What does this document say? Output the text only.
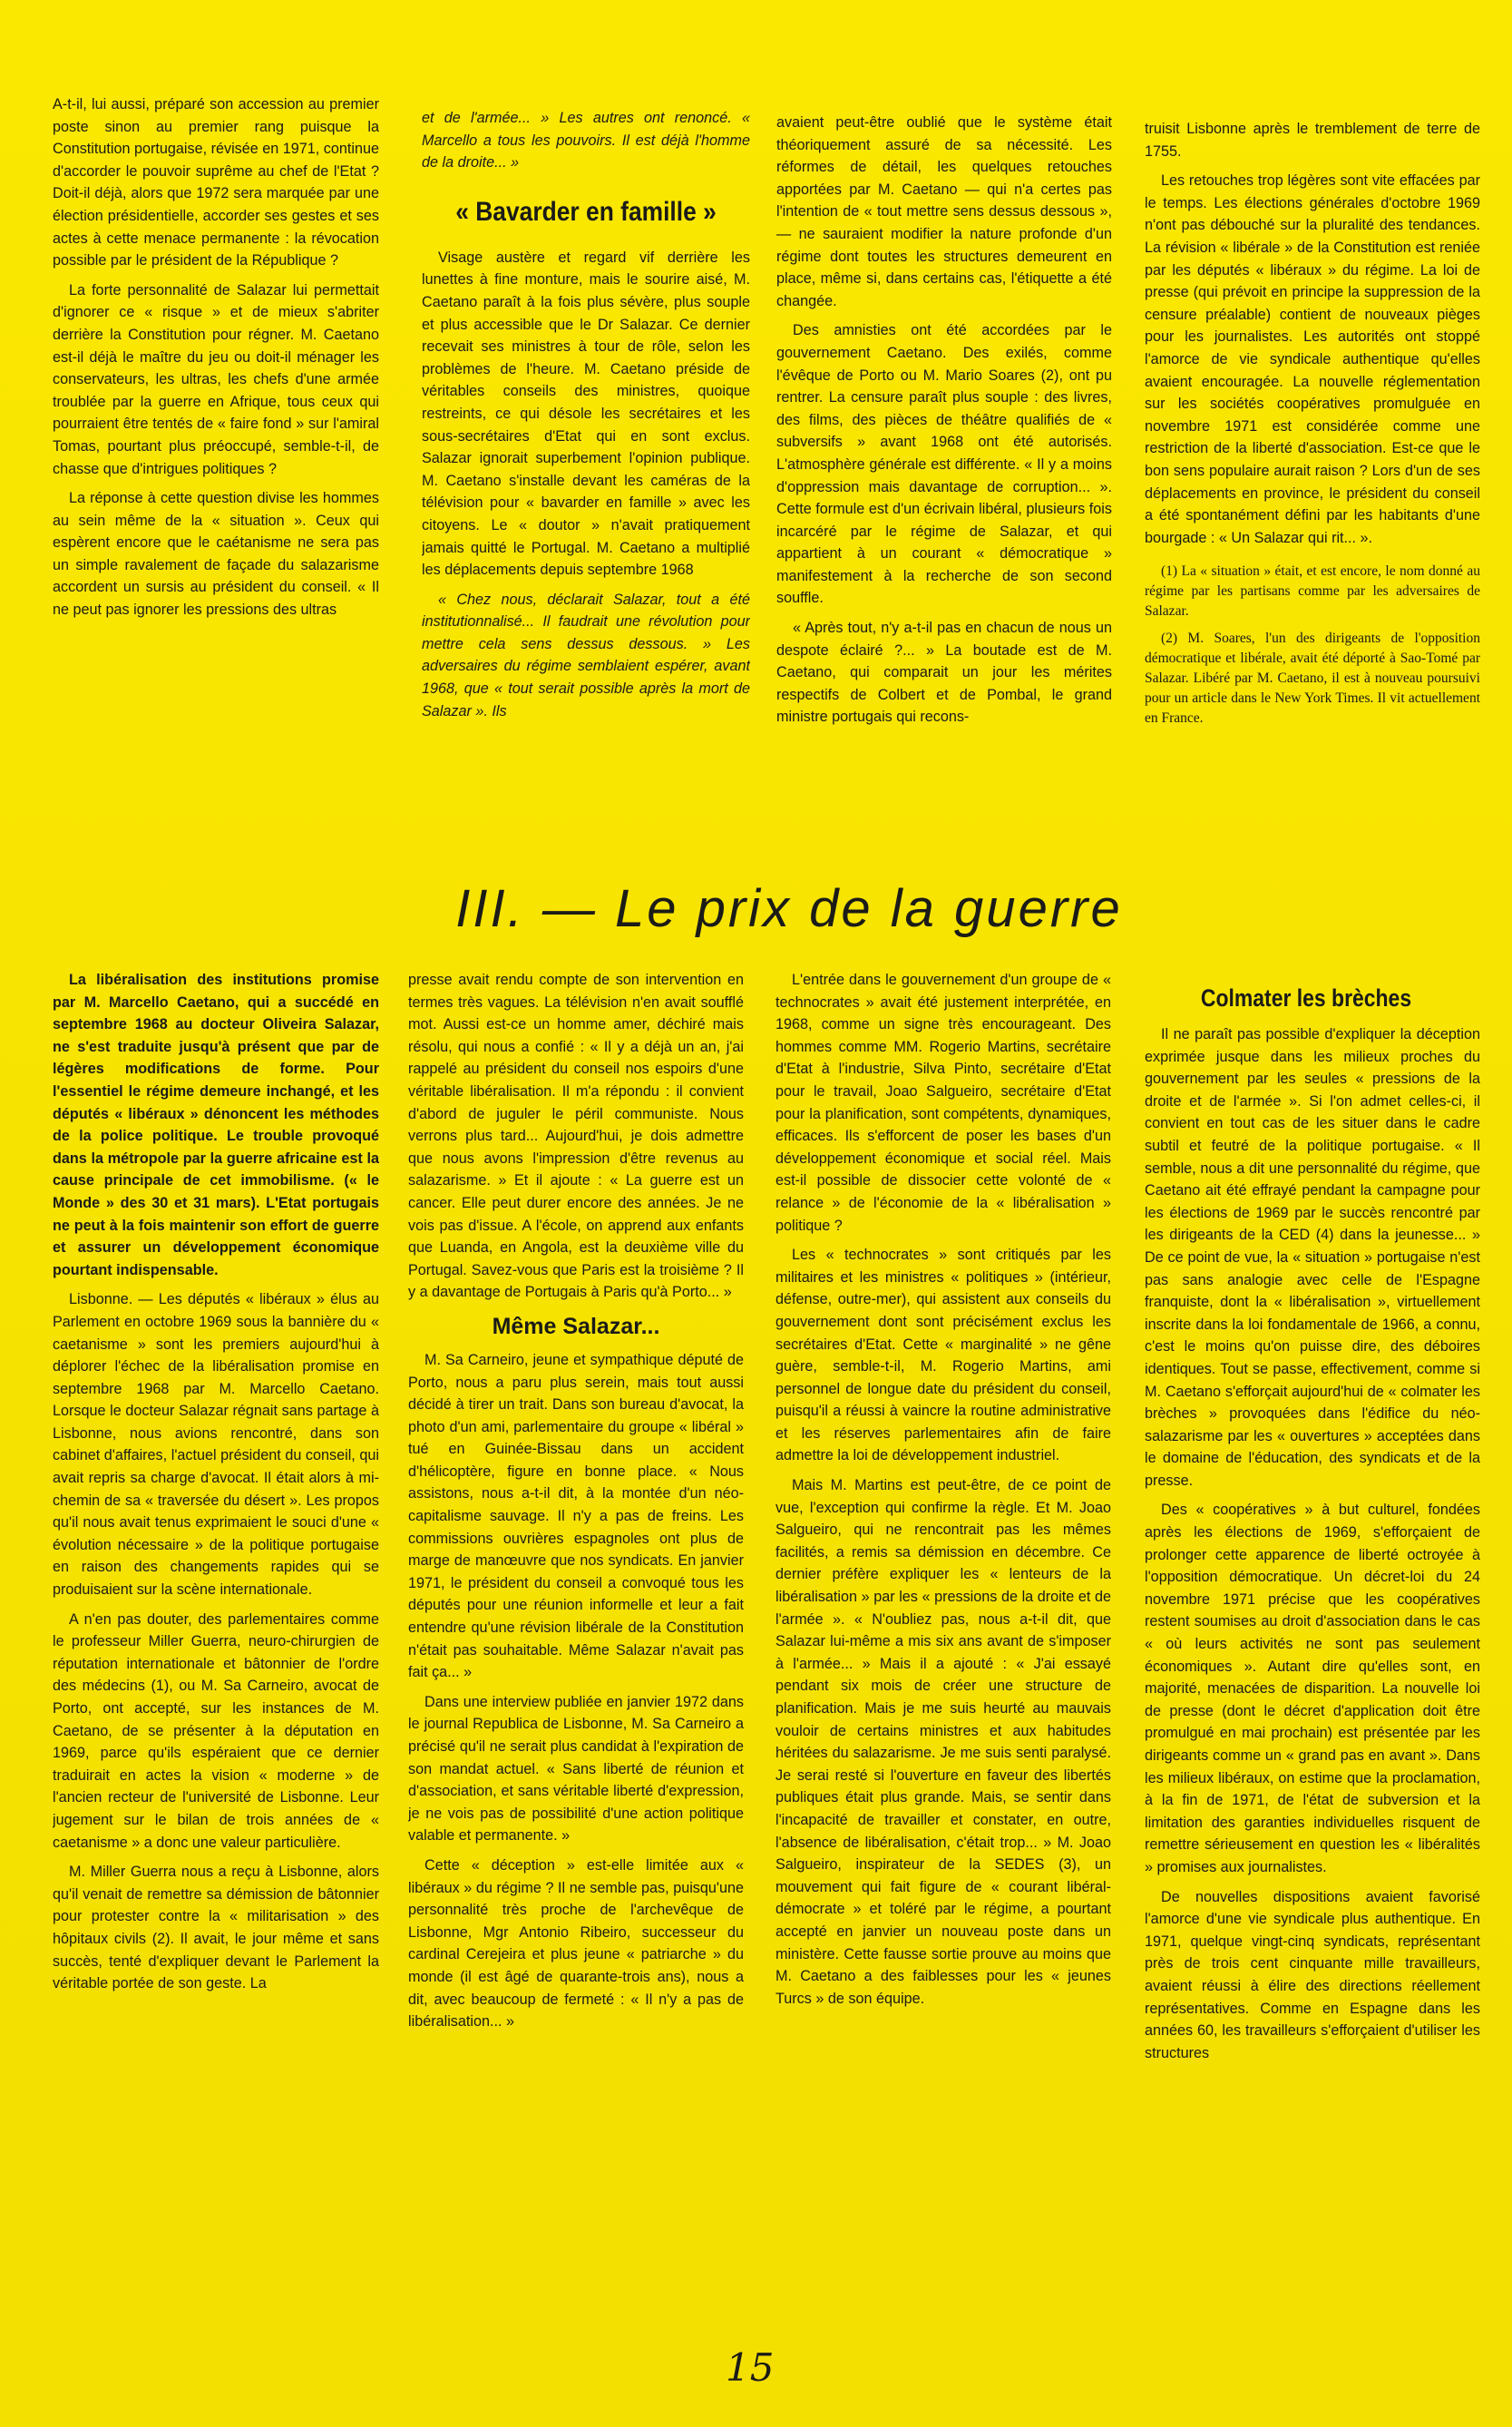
A-t-il, lui aussi, préparé son accession au premier poste sinon au premier rang puisque la Constitution portugaise, révisée en 1971, continue d'accorder le pouvoir suprême au chef de l'Etat ? Doit-il déjà, alors que 1972 sera marquée par une élection présidentielle, accorder ses gestes et ses actes à cette menace permanente : la révocation possible par le président de la République ?

La forte personnalité de Salazar lui permettait d'ignorer ce « risque » et de mieux s'abriter derrière la Constitution pour régner. M. Caetano est-il déjà le maître du jeu ou doit-il ménager les conservateurs, les ultras, les chefs d'une armée troublée par la guerre en Afrique, tous ceux qui pourraient être tentés de « faire fond » sur l'amiral Tomas, pourtant plus préoccupé, semble-t-il, de chasse que d'intrigues politiques ?

La réponse à cette question divise les hommes au sein même de la « situation ». Ceux qui espèrent encore que le caétanisme ne sera pas un simple ravalement de façade du salazarisme accordent un sursis au président du conseil. « Il ne peut pas ignorer les pressions des ultras

et de l'armée... » Les autres ont renoncé. « Marcello a tous les pouvoirs. Il est déjà l'homme de la droite... »

« Bavarder en famille »

Visage austère et regard vif derrière les lunettes à fine monture, mais le sourire aisé, M. Caetano paraît à la fois plus sévère, plus souple et plus accessible que le Dr Salazar. Ce dernier recevait ses ministres à tour de rôle, selon les problèmes de l'heure. M. Caetano préside de véritables conseils des ministres, quoique restreints, ce qui désole les secrétaires et les sous-secrétaires d'Etat qui en sont exclus. Salazar ignorait superbement l'opinion publique. M. Caetano s'installe devant les caméras de la télévision pour « bavarder en famille » avec les citoyens. Le « doutor » n'avait pratiquement jamais quitté le Portugal. M. Caetano a multiplié les déplacements depuis septembre 1968

« Chez nous, déclarait Salazar, tout a été institutionnalisé... Il faudrait une révolution pour mettre cela sens dessus dessous. » Les adversaires du régime semblaient espérer, avant 1968, que « tout serait possible après la mort de Salazar ». Ils

avaient peut-être oublié que le système était théoriquement assuré de sa nécessité. Les réformes de détail, les quelques retouches apportées par M. Caetano — qui n'a certes pas l'intention de « tout mettre sens dessus dessous », — ne sauraient modifier la nature profonde d'un régime dont toutes les structures demeurent en place, même si, dans certains cas, l'étiquette a été changée.

Des amnisties ont été accordées par le gouvernement Caetano. Des exilés, comme l'évêque de Porto ou M. Mario Soares (2), ont pu rentrer. La censure paraît plus souple : des livres, des films, des pièces de théâtre qualifiés de « subversifs » avant 1968 ont été autorisés. L'atmosphère générale est différente. « Il y a moins d'oppression mais davantage de corruption... ». Cette formule est d'un écrivain libéral, plusieurs fois incarcéré par le régime de Salazar, et qui appartient à un courant « démocratique » manifestement à la recherche de son second souffle.

« Après tout, n'y a-t-il pas en chacun de nous un despote éclairé ?... » La boutade est de M. Caetano, qui comparait un jour les mérites respectifs de Colbert et de Pombal, le grand ministre portugais qui recons-

truisit Lisbonne après le tremblement de terre de 1755.

Les retouches trop légères sont vite effacées par le temps. Les élections générales d'octobre 1969 n'ont pas débouché sur la pluralité des tendances. La révision « libérale » de la Constitution est reniée par les députés « libéraux » du régime. La loi de presse (qui prévoit en principe la suppression de la censure préalable) contient de nouveaux pièges pour les journalistes. Les autorités ont stoppé l'amorce de vie syndicale authentique qu'elles avaient encouragée. La nouvelle réglementation sur les sociétés coopératives promulguée en novembre 1971 est considérée comme une restriction de la liberté d'association. Est-ce que le bon sens populaire aurait raison ? Lors d'un de ses déplacements en province, le président du conseil a été spontanément défini par les habitants d'une bourgade : « Un Salazar qui rit... ».

(1) La « situation » était, et est encore, le nom donné au régime par les partisans comme par les adversaires de Salazar.

(2) M. Soares, l'un des dirigeants de l'opposition démocratique et libérale, avait été déporté à Sao-Tomé par Salazar. Libéré par M. Caetano, il est à nouveau poursuivi pour un article dans le New York Times. Il vit actuellement en France.

III. — Le prix de la guerre

La libéralisation des institutions promise par M. Marcello Caetano, qui a succédé en septembre 1968 au docteur Oliveira Salazar, ne s'est traduite jusqu'à présent que par de légères modifications de forme. Pour l'essentiel le régime demeure inchangé, et les députés « libéraux » dénoncent les méthodes de la police politique. Le trouble provoqué dans la métropole par la guerre africaine est la cause principale de cet immobilisme. (« le Monde » des 30 et 31 mars). L'Etat portugais ne peut à la fois maintenir son effort de guerre et assurer un développement économique pourtant indispensable.

Lisbonne. — Les députés « libéraux » élus au Parlement en octobre 1969 sous la bannière du « caetanisme » sont les premiers aujourd'hui à déplorer l'échec de la libéralisation promise en septembre 1968 par M. Marcello Caetano. Lorsque le docteur Salazar régnait sans partage à Lisbonne, nous avions rencontré, dans son cabinet d'affaires, l'actuel président du conseil, qui avait repris sa charge d'avocat. Il était alors à mi-chemin de sa « traversée du désert ». Les propos qu'il nous avait tenus exprimaient le souci d'une « évolution nécessaire » de la politique portugaise en raison des changements rapides qui se produisaient sur la scène internationale.

A n'en pas douter, des parlementaires comme le professeur Miller Guerra, neuro-chirurgien de réputation internationale et bâtonnier de l'ordre des médecins (1), ou M. Sa Carneiro, avocat de Porto, ont accepté, sur les instances de M. Caetano, de se présenter à la députation en 1969, parce qu'ils espéraient que ce dernier traduirait en actes la vision « moderne » de l'ancien recteur de l'université de Lisbonne. Leur jugement sur le bilan de trois années de « caetanisme » a donc une valeur particulière.

M. Miller Guerra nous a reçu à Lisbonne, alors qu'il venait de remettre sa démission de bâtonnier pour protester contre la « militarisation » des hôpitaux civils (2). Il avait, le jour même et sans succès, tenté d'expliquer devant le Parlement la véritable portée de son geste. La

presse avait rendu compte de son intervention en termes très vagues. La télévision n'en avait soufflé mot. Aussi est-ce un homme amer, déchiré mais résolu, qui nous a confié : « Il y a déjà un an, j'ai rappelé au président du conseil nos espoirs d'une véritable libéralisation. Il m'a répondu : il convient d'abord de juguler le péril communiste. Nous verrons plus tard... Aujourd'hui, je dois admettre que nous avons l'impression d'être revenus au salazarisme. » Et il ajoute : « La guerre est un cancer. Elle peut durer encore des années. Je ne vois pas d'issue. A l'école, on apprend aux enfants que Luanda, en Angola, est la deuxième ville du Portugal. Savez-vous que Paris est la troisième ? Il y a davantage de Portugais à Paris qu'à Porto... »

Même Salazar...

M. Sa Carneiro, jeune et sympathique député de Porto, nous a paru plus serein, mais tout aussi décidé à tirer un trait. Dans son bureau d'avocat, la photo d'un ami, parlementaire du groupe « libéral » tué en Guinée-Bissau dans un accident d'hélicoptère, figure en bonne place. « Nous assistons, nous a-t-il dit, à la montée d'un néo-capitalisme sauvage. Il n'y a pas de freins. Les commissions ouvrières espagnoles ont plus de marge de manœuvre que nos syndicats. En janvier 1971, le président du conseil a convoqué tous les députés pour une réunion informelle et leur a fait entendre qu'une révision libérale de la Constitution n'était pas souhaitable. Même Salazar n'avait pas fait ça... »

Dans une interview publiée en janvier 1972 dans le journal Republica de Lisbonne, M. Sa Carneiro a précisé qu'il ne serait plus candidat à l'expiration de son mandat actuel. « Sans liberté de réunion et d'association, et sans véritable liberté d'expression, je ne vois pas de possibilité d'une action politique valable et permanente. »

Cette « déception » est-elle limitée aux « libéraux » du régime ? Il ne semble pas, puisqu'une personnalité très proche de l'archevêque de Lisbonne, Mgr Antonio Ribeiro, successeur du cardinal Cerejeira et plus jeune « patriarche » du monde (il est âgé de quarante-trois ans), nous a dit, avec beaucoup de fermeté : « Il n'y a pas de libéralisation... »

L'entrée dans le gouvernement d'un groupe de « technocrates » avait été justement interprétée, en 1968, comme un signe très encourageant. Des hommes comme MM. Rogerio Martins, secrétaire d'Etat à l'industrie, Silva Pinto, secrétaire d'Etat pour le travail, Joao Salgueiro, secrétaire d'Etat pour la planification, sont compétents, dynamiques, efficaces. Ils s'efforcent de poser les bases d'un développement économique et social réel. Mais est-il possible de dissocier cette volonté de « relance » de l'économie de la « libéralisation » politique ?

Les « technocrates » sont critiqués par les militaires et les ministres « politiques » (intérieur, défense, outre-mer), qui assistent aux conseils du gouvernement dont sont précisément exclus les secrétaires d'Etat. Cette « marginalité » ne gêne guère, semble-t-il, M. Rogerio Martins, ami personnel de longue date du président du conseil, puisqu'il a réussi à vaincre la routine administrative et les réserves parlementaires afin de faire admettre la loi de développement industriel.

Mais M. Martins est peut-être, de ce point de vue, l'exception qui confirme la règle. Et M. Joao Salgueiro, qui ne rencontrait pas les mêmes facilités, a remis sa démission en décembre. Ce dernier préfère expliquer les « lenteurs de la libéralisation » par les « pressions de la droite et de l'armée ». « N'oubliez pas, nous a-t-il dit, que Salazar lui-même a mis six ans avant de s'imposer à l'armée... » Mais il a ajouté : « J'ai essayé pendant six mois de créer une structure de planification. Mais je me suis heurté au mauvais vouloir de certains ministres et aux habitudes héritées du salazarisme. Je me suis senti paralysé. Je serai resté si l'ouverture en faveur des libertés publiques était plus grande. Mais, se sentir dans l'incapacité de travailler et constater, en outre, l'absence de libéralisation, c'était trop... » M. Joao Salgueiro, inspirateur de la SEDES (3), un mouvement qui fait figure de « courant libéral-démocrate » et toléré par le régime, a pourtant accepté en janvier un nouveau poste dans un ministère. Cette fausse sortie prouve au moins que M. Caetano a des faiblesses pour les « jeunes Turcs » de son équipe.

Colmater les brèches

Il ne paraît pas possible d'expliquer la déception exprimée jusque dans les milieux proches du gouvernement par les seules « pressions de la droite et de l'armée ». Si l'on admet celles-ci, il convient en tout cas de les situer dans le cadre subtil et feutré de la politique portugaise. « Il semble, nous a dit une personnalité du régime, que Caetano ait été effrayé pendant la campagne pour les élections de 1969 par le succès rencontré par les dirigeants de la CED (4) dans la jeunesse... » De ce point de vue, la « situation » portugaise n'est pas sans analogie avec celle de l'Espagne franquiste, dont la « libéralisation », virtuellement inscrite dans la loi fondamentale de 1966, a connu, c'est le moins qu'on puisse dire, des déboires identiques. Tout se passe, effectivement, comme si M. Caetano s'efforçait aujourd'hui de « colmater les brèches » provoquées dans l'édifice du néo-salazarisme par les « ouvertures » acceptées dans le domaine de l'éducation, des syndicats et de la presse.

Des « coopératives » à but culturel, fondées après les élections de 1969, s'efforçaient de prolonger cette apparence de liberté octroyée à l'opposition démocratique. Un décret-loi du 24 novembre 1971 précise que les coopératives restent soumises au droit d'association dans le cas « où leurs activités ne sont pas seulement économiques ». Autant dire qu'elles sont, en majorité, menacées de disparition. La nouvelle loi de presse (dont le décret d'application doit être promulgué en mai prochain) est présentée par les dirigeants comme un « grand pas en avant ». Dans les milieux libéraux, on estime que la proclamation, à la fin de 1971, de l'état de subversion et la limitation des garanties individuelles risquent de remettre sérieusement en question les « libéralités » promises aux journalistes.

De nouvelles dispositions avaient favorisé l'amorce d'une vie syndicale plus authentique. En 1971, quelque vingt-cinq syndicats, représentant près de trois cent cinquante mille travailleurs, avaient réussi à élire des directions réellement représentatives. Comme en Espagne dans les années 60, les travailleurs s'efforçaient d'utiliser les structures

15
